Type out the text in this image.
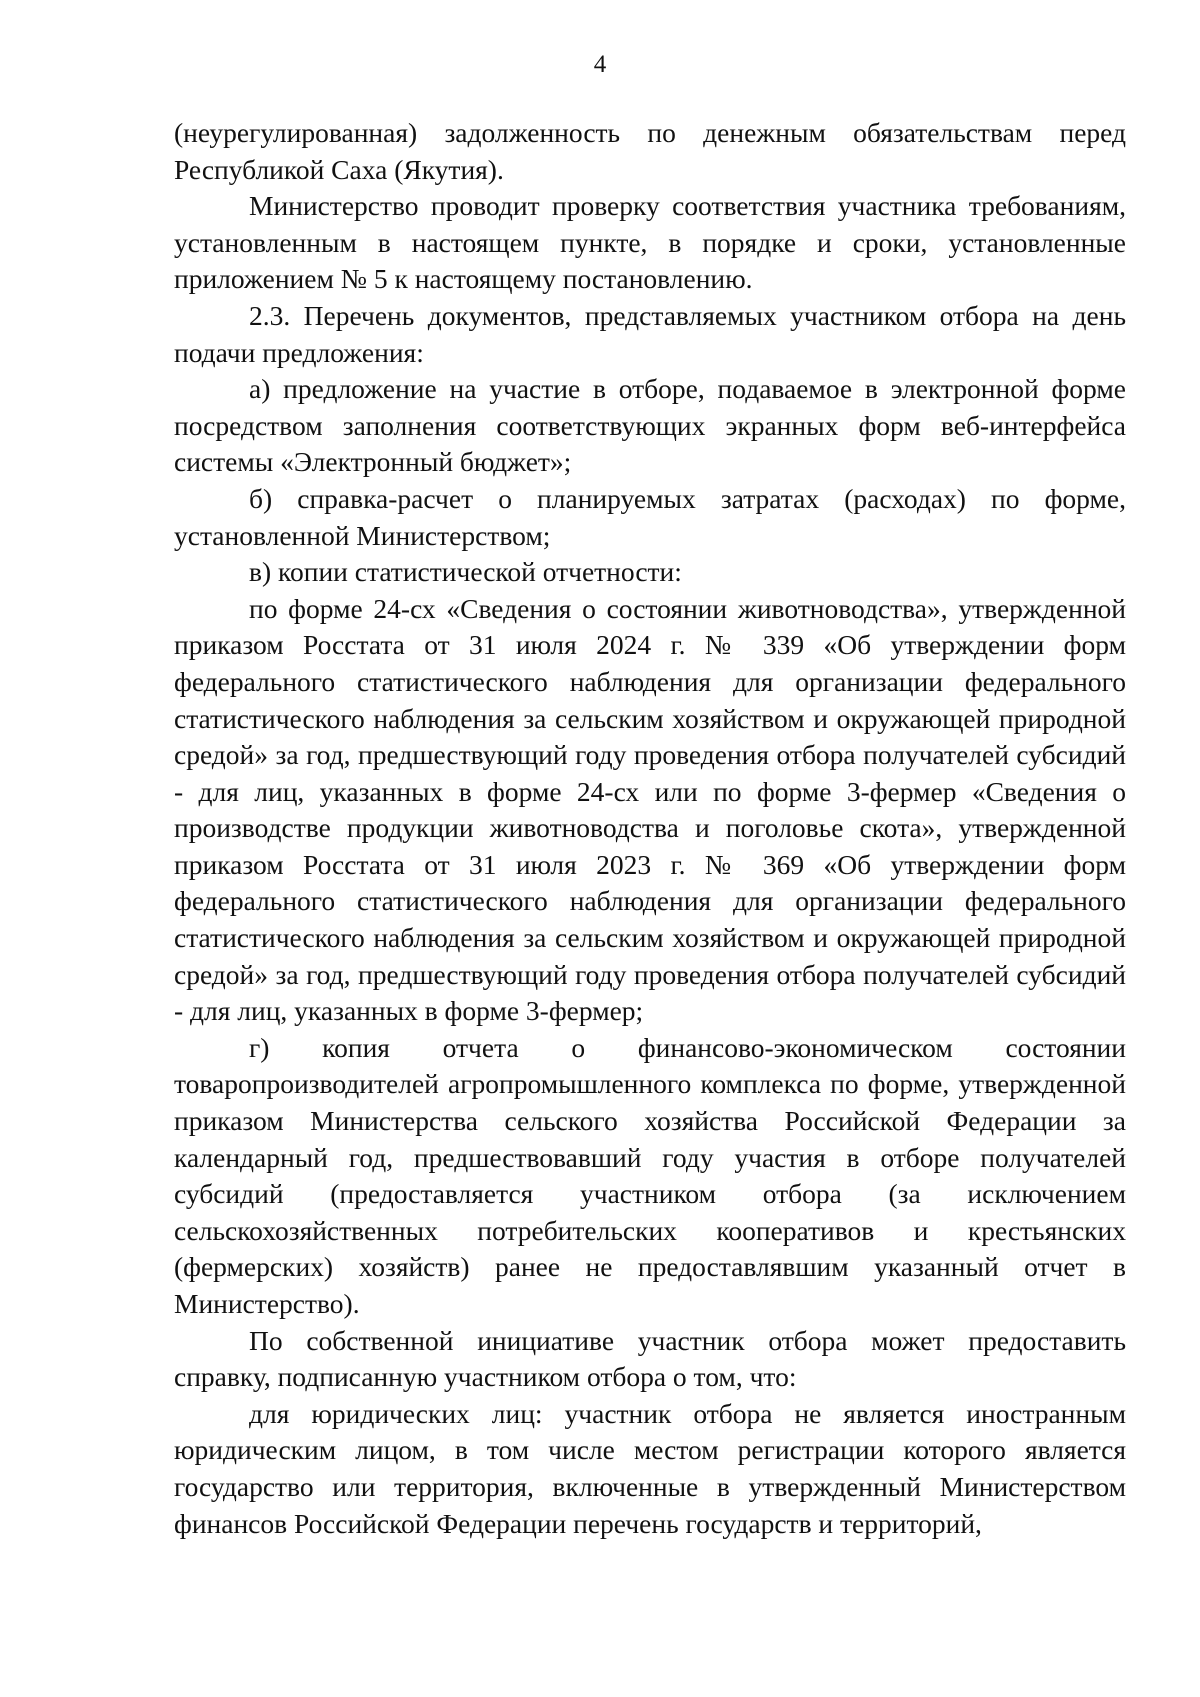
4

(неурегулированная) задолженность по денежным обязательствам перед Республикой Саха (Якутия).

Министерство проводит проверку соответствия участника требованиям, установленным в настоящем пункте, в порядке и сроки, установленные приложением № 5 к настоящему постановлению.

2.3. Перечень документов, представляемых участником отбора на день подачи предложения:

а) предложение на участие в отборе, подаваемое в электронной форме посредством заполнения соответствующих экранных форм веб-интерфейса системы «Электронный бюджет»;

б) справка-расчет о планируемых затратах (расходах) по форме, установленной Министерством;

в) копии статистической отчетности:

по форме 24-сх «Сведения о состоянии животноводства», утвержденной приказом Росстата от 31 июля 2024 г. № 339 «Об утверждении форм федерального статистического наблюдения для организации федерального статистического наблюдения за сельским хозяйством и окружающей природной средой» за год, предшествующий году проведения отбора получателей субсидий - для лиц, указанных в форме 24-сх или по форме 3-фермер «Сведения о производстве продукции животноводства и поголовье скота», утвержденной приказом Росстата от 31 июля 2023 г. № 369 «Об утверждении форм федерального статистического наблюдения для организации федерального статистического наблюдения за сельским хозяйством и окружающей природной средой» за год, предшествующий году проведения отбора получателей субсидий - для лиц, указанных в форме 3-фермер;

г) копия отчета о финансово-экономическом состоянии товаропроизводителей агропромышленного комплекса по форме, утвержденной приказом Министерства сельского хозяйства Российской Федерации за календарный год, предшествовавший году участия в отборе получателей субсидий (предоставляется участником отбора (за исключением сельскохозяйственных потребительских кооперативов и крестьянских (фермерских) хозяйств) ранее не предоставлявшим указанный отчет в Министерство).

По собственной инициативе участник отбора может предоставить справку, подписанную участником отбора о том, что:

для юридических лиц: участник отбора не является иностранным юридическим лицом, в том числе местом регистрации которого является государство или территория, включенные в утвержденный Министерством финансов Российской Федерации перечень государств и территорий,
